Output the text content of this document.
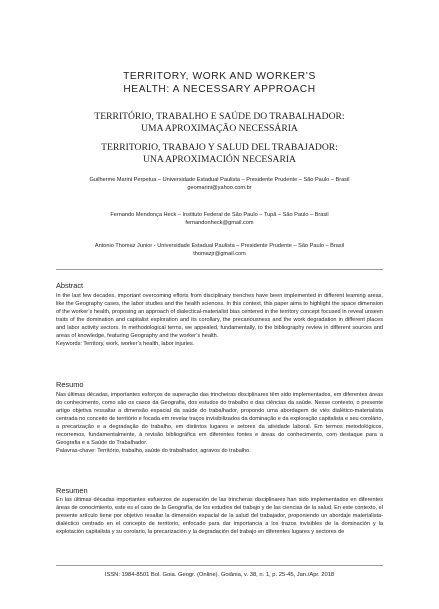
TERRITORY, WORK AND WORKER’S
HEALTH: A NECESSARY APPROACH
TERRITÓRIO, TRABALHO E SAÚDE DO TRABALHADOR:
UMA APROXIMAÇÃO NECESSÁRIA
TERRITORIO, TRABAJO Y SALUD DEL TRABAJADOR:
UNA APROXIMACIÓN NECESARIA
Guilherme Marini Perpetua – Universidade Estadual Paulista – Presidente Prudente – São Paulo – Brasil
geomarini@yahoo.com.br
Fernando Mendonça Heck – Instituto Federal de São Paulo – Tupã – São Paulo – Brasil
fernandonheck@gmail.com
Antonio Thomaz Junior - Universidade Estadual Paulista – Presidente Prudente – São Paulo – Brasil
thomazjr@gmail.com
Abstract

In the last few decades, important overcoming efforts from disciplinary trenches have been implemented in different learning areas, like the Geography cases, the labor studies and the health sciences. In this context, this paper aims to highlight the space dimension of the worker’s health, proposing an approach of dialectical-materialist bias centered in the territory concept focused in reveal unseen traits of the domination and capitalist exploration and its corollary, the precariousness and the work degradation in different places and labor activity sectors. In methodological terms, we appealed, fundamentally, to the bibliography review in different sources and areas of knowledge, featuring Geography and the worker’s health.

Keywords: Territory, work, worker’s health, labor injuries.

Resumo

Nas últimas décadas, importantes esforços de superação das trincheiras disciplinares têm sido implementados, em diferentes áreas do conhecimento, como são os casos da Geografia, dos estudos do trabalho e das ciências da saúde. Nesse contexto, o presente artigo objetiva ressaltar a dimensão espacial da saúde do trabalhador, propondo uma abordagem de viés dialético-materialista centrada no conceito de território e focada em revelar traços invisibilizados da dominação e da exploração capitalista e seu corolário, a precarização e a degradação do trabalho, em distintos lugares e setores da atividade laboral. Em termos metodológicos, recorremos, fundamentalmente, à revisão bibliográfica em diferentes fontes e áreas do conhecimento, com destaque para a Geografia e a Saúde do Trabalhador.

Palavras-chave: Território, trabalho, saúde do trabalhador, agravos do trabalho.

Resumen

En las últimas décadas importantes esfuerzos de superación de las trincheras disciplinares han sido implementados en diferentes áreas de conocimiento, este es el caso de la Geografía, de los estudios del trabajo y de las ciencias de la salud. En este contexto, el presente artículo tiene por objetivo resaltar la dimensión espacial de la salud del trabajador, proponiendo un abordaje materialista-dialéctico centrado en el concepto de territorio, enfocado para dar importancia a los trazos invisibles de la dominación y la explotación capitalista y su corolario, la precarización y la degradación del trabajo en diferentes lugares y sectores de

ISSN: 1984-8501 Bol. Goia. Geogr. (Online). Goiânia, v. 38, n. 1, p. 25-45, Jan./Apr. 2018
